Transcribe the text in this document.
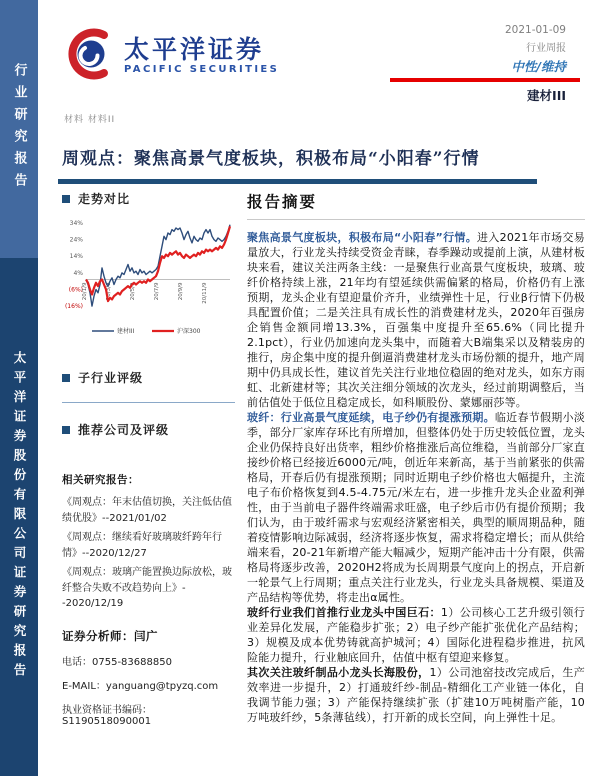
行业研究报告
太平洋证券股份有限公司证券研究报告
太平洋证券
PACIFIC SECURITIES
2021-01-09
行业周报
中性/维持
建材III
材料 材料II
周观点：聚焦高景气度板块，积极布局“小阳春”行情
走势对比
34%
24%
14%
4%
(6%)
(16%)
20/1/9	20/3/9	20/5/9	20/7/9	20/9/9	20/11/9
建材III	沪深300
子行业评级
推荐公司及评级
相关研究报告：
《周观点：年末估值切换，关注低估值绩优股》--2021/01/02
《周观点：继续看好玻璃玻纤跨年行情》--2020/12/27
《周观点：玻璃产能置换边际放松，玻纤整合失败不改趋势向上》--2020/12/19
证券分析师：闫广
电话：0755-83688850
E-MAIL：yanguang@tpyzq.com
执业资格证书编码：S1190518090001
报告摘要

聚焦高景气度板块，积极布局“小阳春”行情。进入2021年市场交易量放大，行业龙头持续受资金青睐，春季躁动或提前上演，从建材板块来看，建议关注两条主线：一是聚焦行业高景气度板块，玻璃、玻纤价格持续上涨，21年均有望延续供需偏紧的格局，价格仍有上涨预期，龙头企业有望迎量价齐升，业绩弹性十足，行业β行情下仍极具配置价值；二是关注具有成长性的消费建材龙头，2020年百强房企销售金额同增13.3%，百强集中度提升至65.6%（同比提升2.1pct），行业仍加速向龙头集中，而随着大B端集采以及精装房的推行，房企集中度的提升倒逼消费建材龙头市场份额的提升，地产周期中仍具成长性，建议首先关注行业地位稳固的绝对龙头，如东方雨虹、北新建材等；其次关注细分领域的次龙头，经过前期调整后，当前估值处于低位且稳定成长，如科顺股份、蒙娜丽莎等。

玻纤：行业高景气度延续，电子纱仍有提涨预期。临近春节假期小淡季，部分厂家库存环比有所增加，但整体仍处于历史较低位置，龙头企业仍保持良好出货率，粗纱价格推涨后高位维稳，当前部分厂家直接纱价格已经接近6000元/吨，创近年来新高，基于当前紧张的供需格局，开春后仍有提涨预期；同时近期电子纱价格也大幅提升，主流电子布价格恢复到4.5-4.75元/米左右，进一步推升龙头企业盈利弹性，由于当前电子器件终端需求旺盛，电子纱后市仍有提价预期；我们认为，由于玻纤需求与宏观经济紧密相关，典型的顺周期品种，随着疫情影响边际减弱，经济将逐步恢复，需求将稳定增长；而从供给端来看，20-21年新增产能大幅减少，短期产能冲击十分有限，供需格局将逐步改善，2020H2将成为长周期景气度向上的拐点，开启新一轮景气上行周期；重点关注行业龙头，行业龙头具备规模、渠道及产品结构等优势，将走出α属性。

玻纤行业我们首推行业龙头中国巨石：1）公司核心工艺升级引领行业差异化发展，产能稳步扩张；2）电子纱产能扩张优化产品结构；3）规模及成本优势铸就高护城河；4）国际化进程稳步推进，抗风险能力提升，行业触底回升，估值中枢有望迎来修复。

其次关注玻纤制品小龙头长海股份，1）公司池窑技改完成后，生产效率进一步提升，2）打通玻纤纱-制品-精细化工产业链一体化，自我调节能力强；3）产能保持继续扩张（扩建10万吨树脂产能，10万吨玻纤纱，5条薄毡线），打开新的成长空间，向上弹性十足。
